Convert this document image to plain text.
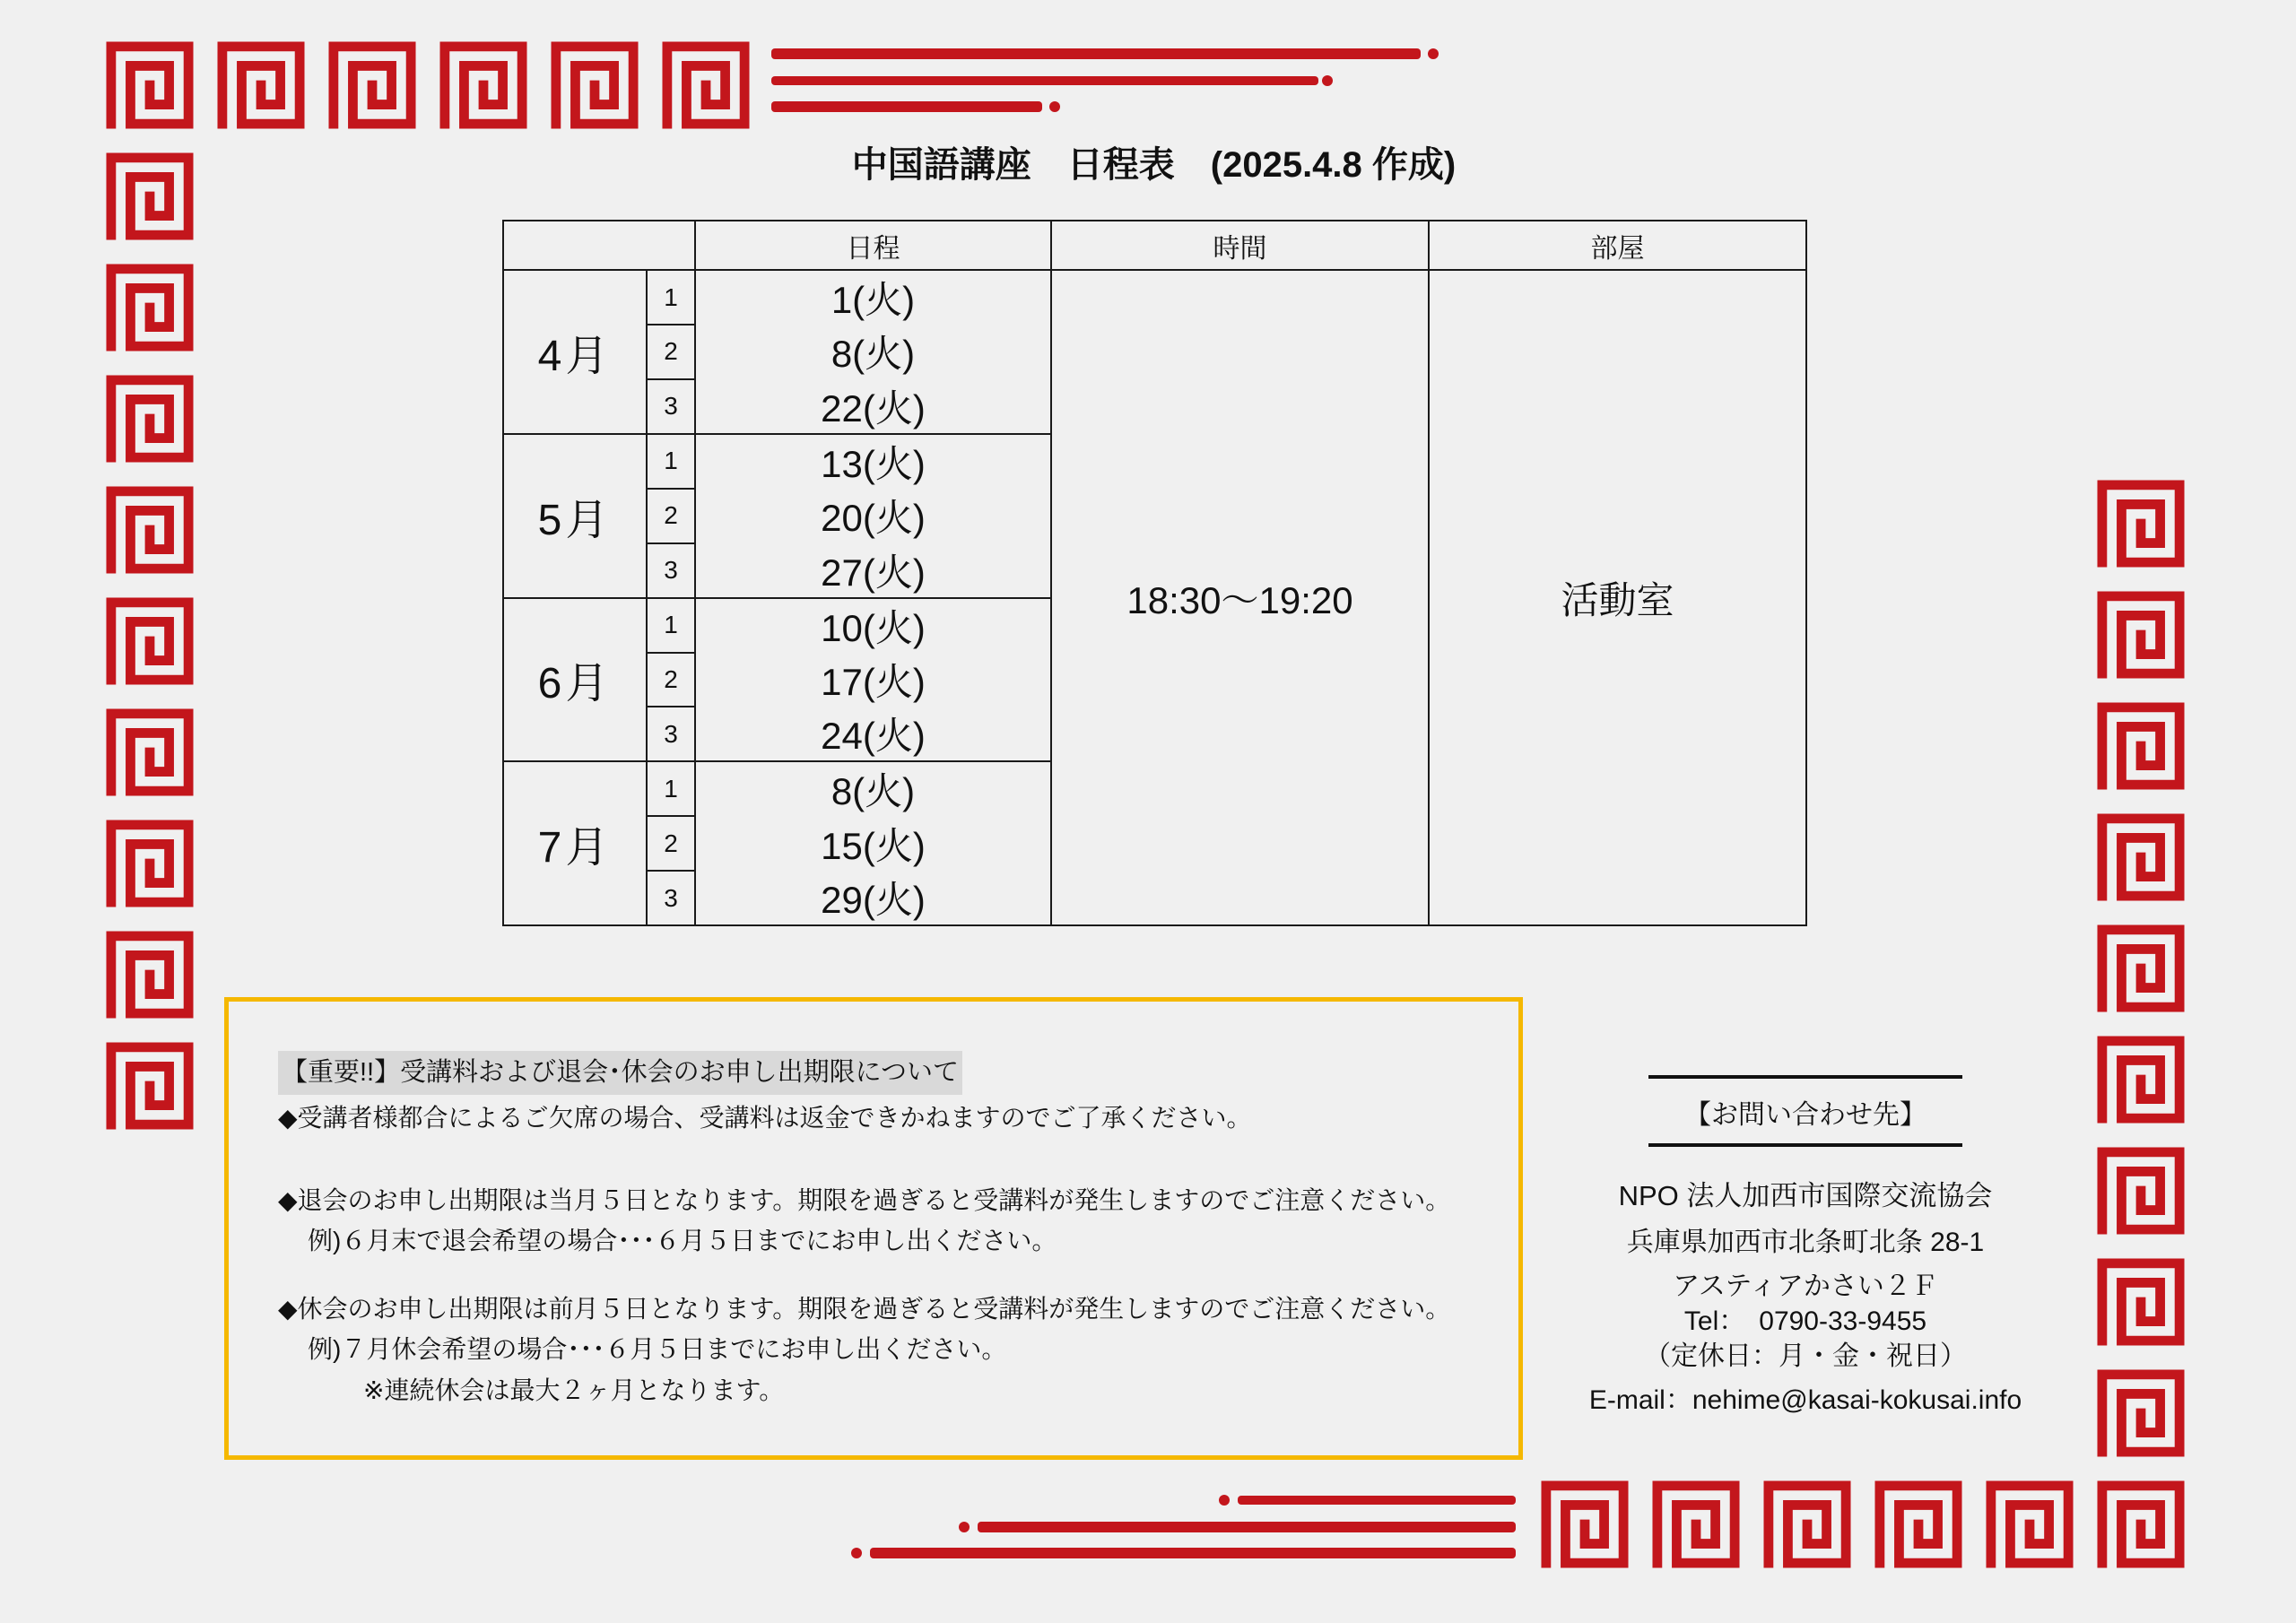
中国語講座　日程表　(2025.4.8 作成)
		日程	時間	部屋
4月	1	1(火)	18:30〜19:20	活動室
	2	8(火)		
	3	22(火)		
5月	1	13(火)		
	2	20(火)		
	3	27(火)		
6月	1	10(火)		
	2	17(火)		
	3	24(火)		
7月	1	8(火)		
	2	15(火)		
	3	29(火)		
【重要!!】受講料および退会･休会のお申し出期限について
◆受講者様都合によるご欠席の場合、受講料は返金できかねますのでご了承ください。
◆退会のお申し出期限は当月５日となります。期限を過ぎると受講料が発生しますのでご注意ください。
例)６月末で退会希望の場合･･･６月５日までにお申し出ください。
◆休会のお申し出期限は前月５日となります。期限を過ぎると受講料が発生しますのでご注意ください。
例)７月休会希望の場合･･･６月５日までにお申し出ください。
※連続休会は最大２ヶ月となります。
【お問い合わせ先】
NPO 法人加西市国際交流協会
兵庫県加西市北条町北条 28-1
アスティアかさい２Ｆ
Tel：　0790-33-9455
（定休日：月・金・祝日）
E-mail：nehime@kasai-kokusai.info
